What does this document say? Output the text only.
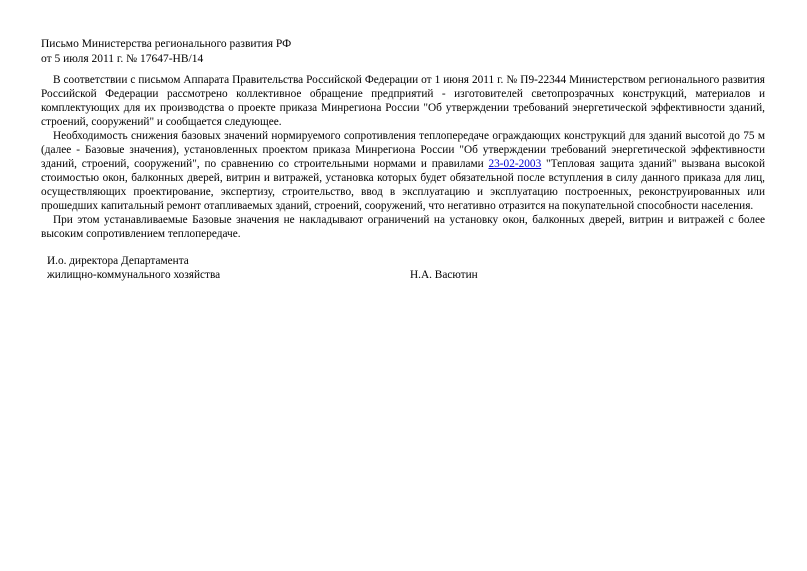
Письмо Министерства регионального развития РФ
от 5 июля 2011 г. № 17647-НВ/14

В соответствии с письмом Аппарата Правительства Российской Федерации от 1 июня 2011 г. № П9-22344 Министерством регионального развития Российской Федерации рассмотрено коллективное обращение предприятий - изготовителей светопрозрачных конструкций, материалов и комплектующих для их производства о проекте приказа Минрегиона России "Об утверждении требований энергетической эффективности зданий, строений, сооружений" и сообщается следующее.

Необходимость снижения базовых значений нормируемого сопротивления теплопередаче ограждающих конструкций для зданий высотой до 75 м (далее - Базовые значения), установленных проектом приказа Минрегиона России "Об утверждении требований энергетической эффективности зданий, строений, сооружений", по сравнению со строительными нормами и правилами 23-02-2003 "Тепловая защита зданий" вызвана высокой стоимостью окон, балконных дверей, витрин и витражей, установка которых будет обязательной после вступления в силу данного приказа для лиц, осуществляющих проектирование, экспертизу, строительство, ввод в эксплуатацию и эксплуатацию построенных, реконструированных или прошедших капитальный ремонт отапливаемых зданий, строений, сооружений, что негативно отразится на покупательной способности населения.

При этом устанавливаемые Базовые значения не накладывают ограничений на установку окон, балконных дверей, витрин и витражей с более высоким сопротивлением теплопередаче.

И.о. директора Департамента
жилищно-коммунального хозяйства	Н.А. Васютин
